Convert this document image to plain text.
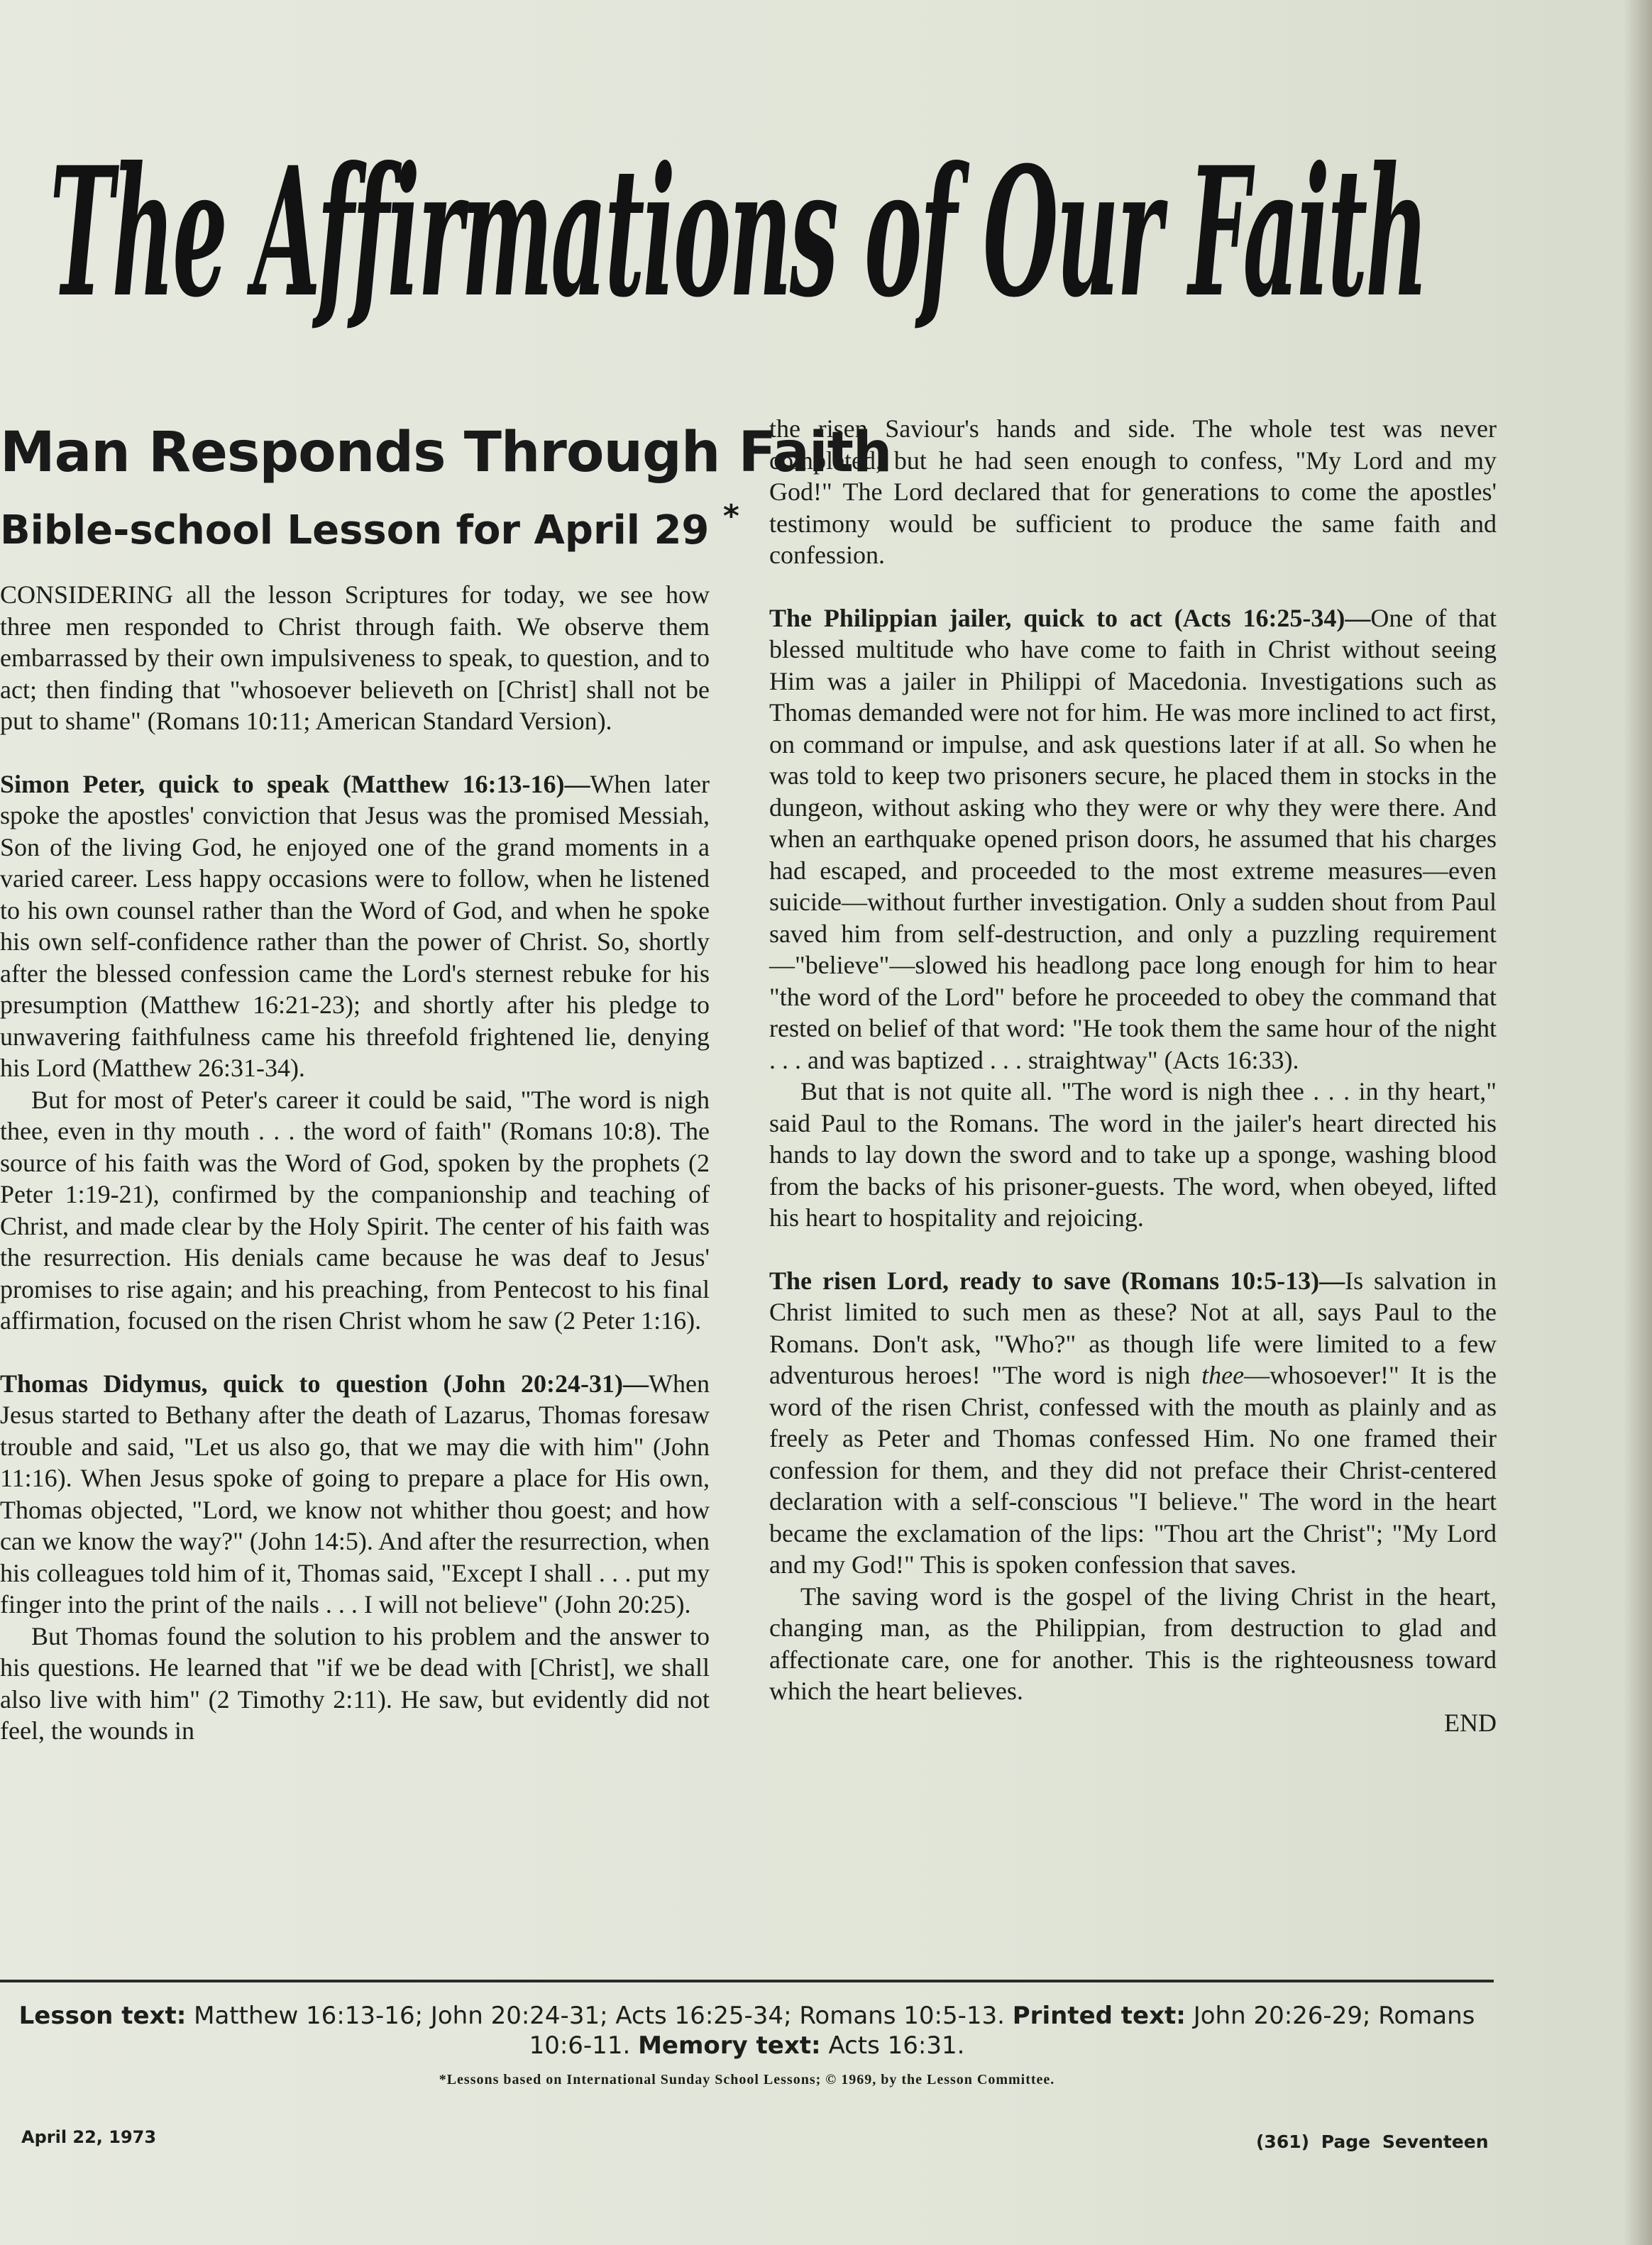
The Affirmations of Our Faith
Man Responds Through Faith
Bible-school Lesson for April 29 *

CONSIDERING all the lesson Scriptures for today, we see how three men responded to Christ through faith. We observe them embarrassed by their own impulsiveness to speak, to question, and to act; then finding that "whosoever believeth on [Christ] shall not be put to shame" (Romans 10:11; American Standard Version).

Simon Peter, quick to speak (Matthew 16:13-16)—When later spoke the apostles' conviction that Jesus was the promised Messiah, Son of the living God, he enjoyed one of the grand moments in a varied career. Less happy occasions were to follow, when he listened to his own counsel rather than the Word of God, and when he spoke his own self-confidence rather than the power of Christ. So, shortly after the blessed confession came the Lord's sternest rebuke for his presumption (Matthew 16:21-23); and shortly after his pledge to unwavering faithfulness came his threefold frightened lie, denying his Lord (Matthew 26:31-34).

But for most of Peter's career it could be said, "The word is nigh thee, even in thy mouth . . . the word of faith" (Romans 10:8). The source of his faith was the Word of God, spoken by the prophets (2 Peter 1:19-21), confirmed by the companionship and teaching of Christ, and made clear by the Holy Spirit. The center of his faith was the resurrection. His denials came because he was deaf to Jesus' promises to rise again; and his preaching, from Pentecost to his final affirmation, focused on the risen Christ whom he saw (2 Peter 1:16).

Thomas Didymus, quick to question (John 20:24-31)—When Jesus started to Bethany after the death of Lazarus, Thomas foresaw trouble and said, "Let us also go, that we may die with him" (John 11:16). When Jesus spoke of going to prepare a place for His own, Thomas objected, "Lord, we know not whither thou goest; and how can we know the way?" (John 14:5). And after the resurrection, when his colleagues told him of it, Thomas said, "Except I shall . . . put my finger into the print of the nails . . . I will not believe" (John 20:25).

But Thomas found the solution to his problem and the answer to his questions. He learned that "if we be dead with [Christ], we shall also live with him" (2 Timothy 2:11). He saw, but evidently did not feel, the wounds in

the risen Saviour's hands and side. The whole test was never completed, but he had seen enough to confess, "My Lord and my God!" The Lord declared that for generations to come the apostles' testimony would be sufficient to produce the same faith and confession.

The Philippian jailer, quick to act (Acts 16:25-34)—One of that blessed multitude who have come to faith in Christ without seeing Him was a jailer in Philippi of Macedonia. Investigations such as Thomas demanded were not for him. He was more inclined to act first, on command or impulse, and ask questions later if at all. So when he was told to keep two prisoners secure, he placed them in stocks in the dungeon, without asking who they were or why they were there. And when an earthquake opened prison doors, he assumed that his charges had escaped, and proceeded to the most extreme measures—even suicide—without further investigation. Only a sudden shout from Paul saved him from self-destruction, and only a puzzling requirement—"believe"—slowed his headlong pace long enough for him to hear "the word of the Lord" before he proceeded to obey the command that rested on belief of that word: "He took them the same hour of the night . . . and was baptized . . . straightway" (Acts 16:33).

But that is not quite all. "The word is nigh thee . . . in thy heart," said Paul to the Romans. The word in the jailer's heart directed his hands to lay down the sword and to take up a sponge, washing blood from the backs of his prisoner-guests. The word, when obeyed, lifted his heart to hospitality and rejoicing.

The risen Lord, ready to save (Romans 10:5-13)—Is salvation in Christ limited to such men as these? Not at all, says Paul to the Romans. Don't ask, "Who?" as though life were limited to a few adventurous heroes! "The word is nigh thee—whosoever!" It is the word of the risen Christ, confessed with the mouth as plainly and as freely as Peter and Thomas confessed Him. No one framed their confession for them, and they did not preface their Christ-centered declaration with a self-conscious "I believe." The word in the heart became the exclamation of the lips: "Thou art the Christ"; "My Lord and my God!" This is spoken confession that saves.

The saving word is the gospel of the living Christ in the heart, changing man, as the Philippian, from destruction to glad and affectionate care, one for another. This is the righteousness toward which the heart believes.

END
Lesson text: Matthew 16:13-16; John 20:24-31; Acts 16:25-34; Romans 10:5-13. Printed text: John 20:26-29; Romans 10:6-11. Memory text: Acts 16:31.
*Lessons based on International Sunday School Lessons; © 1969, by the Lesson Committee.
April 22, 1973	(361) Page Seventeen
